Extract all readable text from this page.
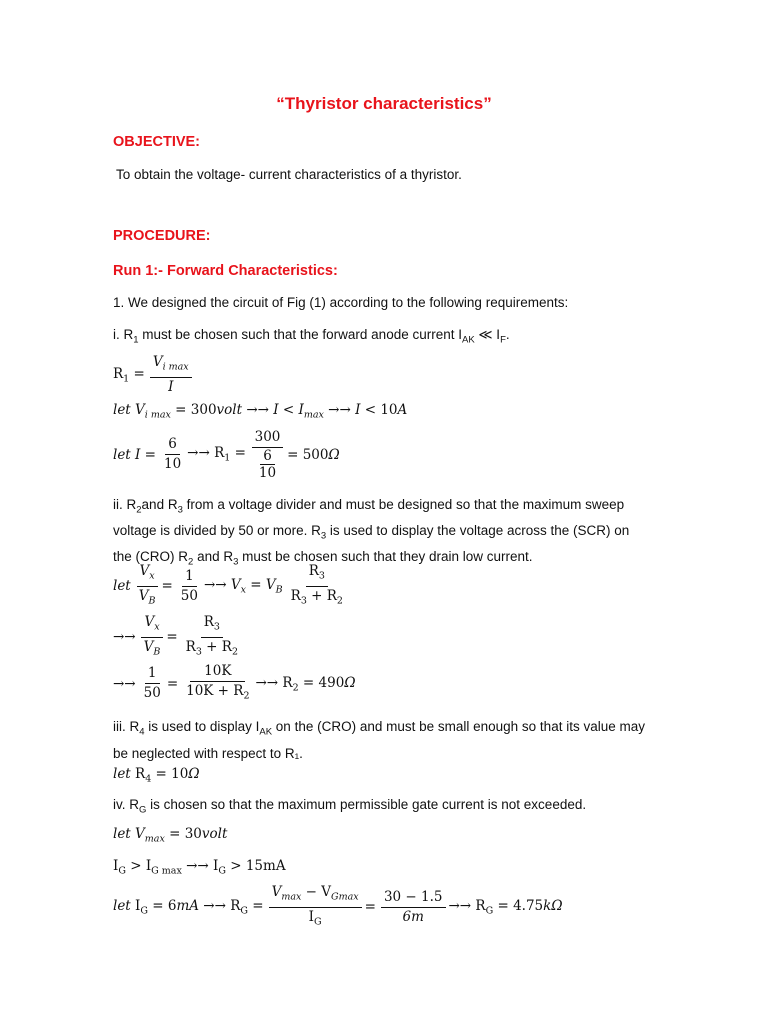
“Thyristor characteristics”
OBJECTIVE:
To obtain the voltage- current characteristics of a thyristor.
PROCEDURE:
Run 1:- Forward Characteristics:
1. We designed the circuit of Fig (1) according to the following requirements:
i. $R_1$ must be chosen such that the forward anode current $I_{AK}$ ≪ $I_F$.
$R_1 = \frac{V_{i max}}{I}$
let $V_{i max}$ = 300volt →→ $I < I_{max} \to\to I < 10A$
let $I = \frac{6}{10} \to\to R_1 = \frac{300}{\frac{6}{10}} = 500\Omega$
ii. $R_2and$ $R_3$ from a voltage divider and must be designed so that the maximum sweep
voltage is divided by 50 or more. $R_3$ is used to display the voltage across the (SCR) on
the (CRO) $R_2$ and $R_3$ must be chosen such that they drain low current.
let $\frac{V_x}{V_B} = \frac{1}{50} \to\to V_x = V_B \frac{R_3}{R_3 + R_2}$
→→ $\frac{V_x}{V_B} = \frac{R_3}{R_3 + R_2}$
→→ $\frac{1}{50} = \frac{10K}{10K + R_2} \to\to R_2 = 490\Omega$
iii. $R_4$ is used to display $I_{AK}$ on the (CRO) and must be small enough so that its value may
be neglected with respect to R₁.
let $R_4 = 10\Omega$
iv. $R_G$ is chosen so that the maximum permissible gate current is not exceeded.
let $V_{max}$ = 30volt
$I_G > I_{G max} \to\to I_G > 15mA$
let $I_G = 6mA \to\to R_G = \frac{V_{max} - V_{Gmax}}{I_G} = \frac{30 - 1.5}{6m} \to\to R_G = 4.75k\Omega$
